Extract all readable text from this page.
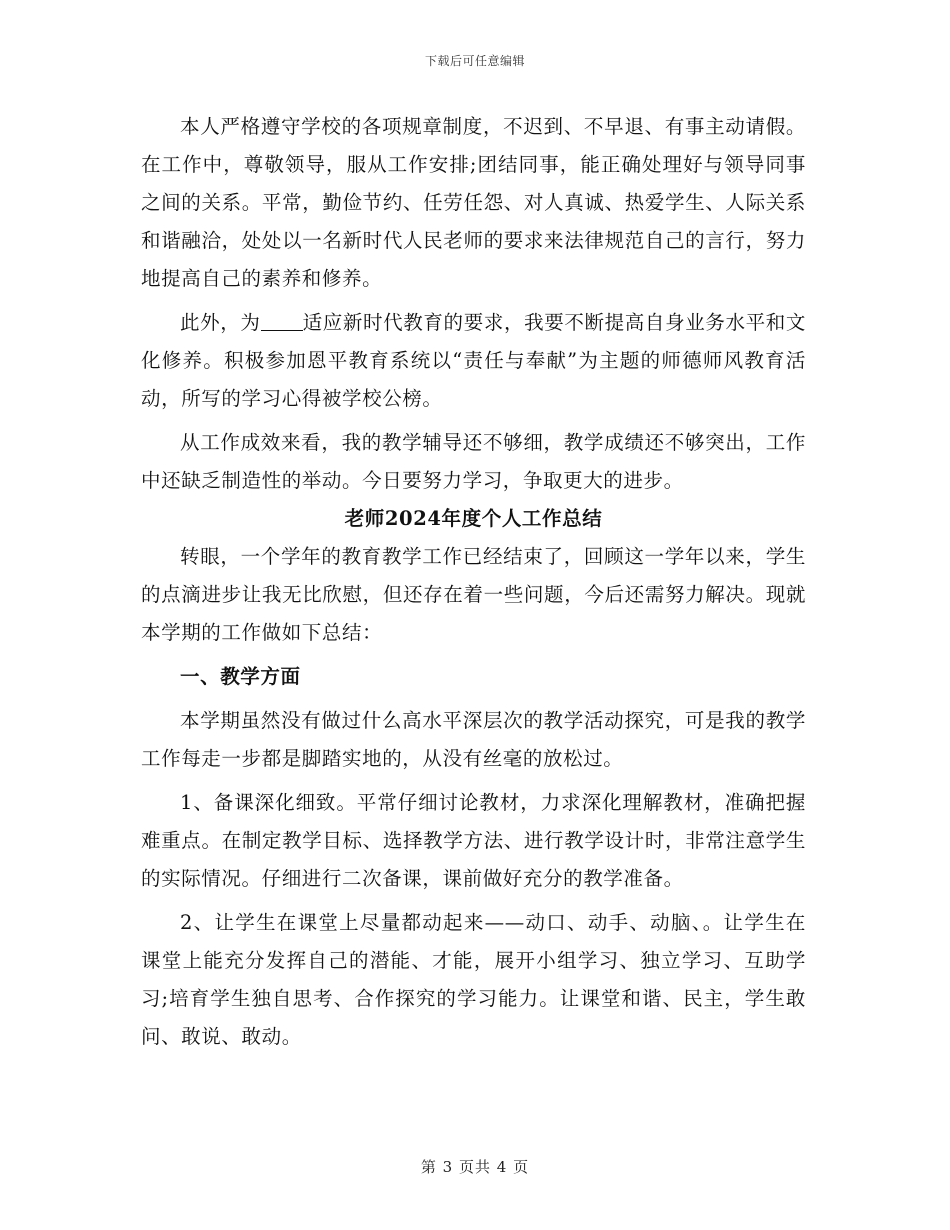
下载后可任意编辑

本人严格遵守学校的各项规章制度，不迟到、不早退、有事主动请假。在工作中，尊敬领导，服从工作安排;团结同事，能正确处理好与领导同事之间的关系。平常，勤俭节约、任劳任怨、对人真诚、热爱学生、人际关系和谐融洽，处处以一名新时代人民老师的要求来法律规范自己的言行，努力地提高自己的素养和修养。

此外，为 适应新时代教育的要求，我要不断提高自身业务水平和文化修养。积极参加恩平教育系统以“责任与奉献”为主题的师德师风教育活动，所写的学习心得被学校公榜。

从工作成效来看，我的教学辅导还不够细，教学成绩还不够突出，工作中还缺乏制造性的举动。今日要努力学习，争取更大的进步。

老师2024年度个人工作总结

转眼，一个学年的教育教学工作已经结束了，回顾这一学年以来，学生的点滴进步让我无比欣慰，但还存在着一些问题，今后还需努力解决。现就本学期的工作做如下总结：

一、教学方面

本学期虽然没有做过什么高水平深层次的教学活动探究，可是我的教学工作每走一步都是脚踏实地的，从没有丝毫的放松过。

1、备课深化细致。平常仔细讨论教材，力求深化理解教材，准确把握难重点。在制定教学目标、选择教学方法、进行教学设计时，非常注意学生的实际情况。仔细进行二次备课，课前做好充分的教学准备。

2、让学生在课堂上尽量都动起来——动口、动手、动脑、。让学生在课堂上能充分发挥自己的潜能、才能，展开小组学习、独立学习、互助学习;培育学生独自思考、合作探究的学习能力。让课堂和谐、民主，学生敢问、敢说、敢动。

第 3 页共 4 页
